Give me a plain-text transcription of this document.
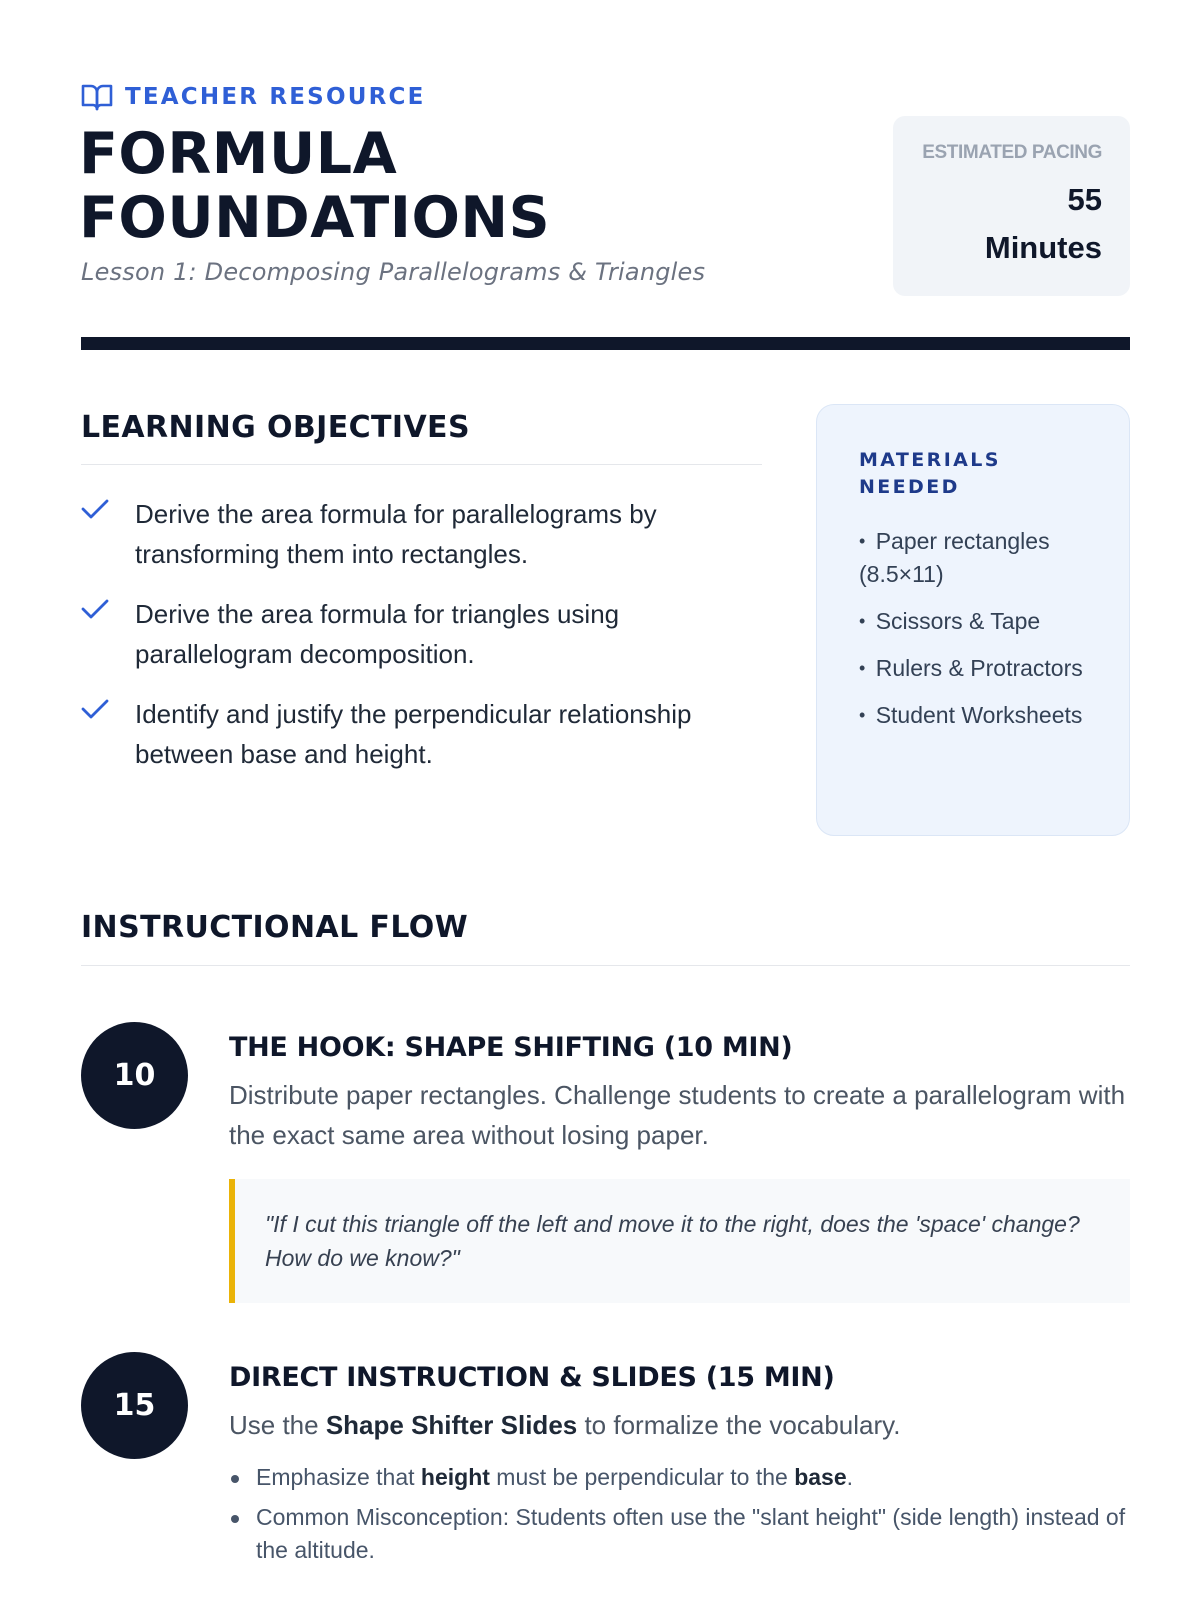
TEACHER RESOURCE
FORMULA
FOUNDATIONS
Lesson 1: Decomposing Parallelograms & Triangles
ESTIMATED PACING
55
Minutes
LEARNING OBJECTIVES
Derive the area formula for parallelograms by transforming them into rectangles.
Derive the area formula for triangles using parallelogram decomposition.
Identify and justify the perpendicular relationship between base and height.
MATERIALS NEEDED
• Paper rectangles (8.5×11)
• Scissors & Tape
• Rulers & Protractors
• Student Worksheets
INSTRUCTIONAL FLOW
10
THE HOOK: SHAPE SHIFTING (10 MIN)

Distribute paper rectangles. Challenge students to create a parallelogram with the exact same area without losing paper.

"If I cut this triangle off the left and move it to the right, does the 'space' change? How do we know?"
15
DIRECT INSTRUCTION & SLIDES (15 MIN)

Use the Shape Shifter Slides to formalize the vocabulary.

Emphasize that height must be perpendicular to the base.
Common Misconception: Students often use the "slant height" (side length) instead of the altitude.
